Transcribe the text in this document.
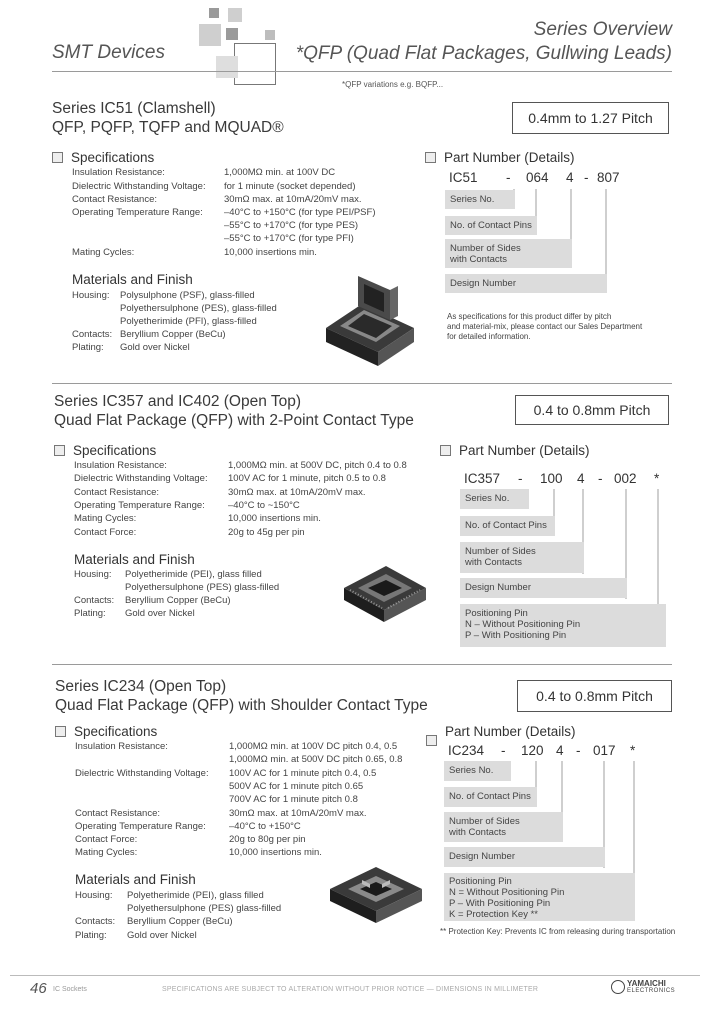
SMT Devices
Series Overview
*QFP (Quad Flat Packages, Gullwing Leads)
*QFP variations e.g. BQFP...
Series IC51 (Clamshell)
QFP, PQFP, TQFP and MQUAD®
0.4mm to 1.27 Pitch
Specifications
Insulation Resistance:
Dielectric Withstanding Voltage:
Contact Resistance:
Operating Temperature Range:
Mating Cycles:
1,000MΩ min. at 100V DC
for 1 minute (socket depended)
30mΩ max. at 10mA/20mV max.
–40°C to +150°C (for type PEI/PSF)
–55°C to +170°C (for type PES)
–55°C to +170°C (for type PFI)
10,000 insertions min.
Materials and Finish
Housing:
Contacts:
Plating:
Polysulphone (PSF), glass-filled
Polyethersulphone (PES), glass-filled
Polyetherimide (PFI), glass-filled
Beryllium Copper (BeCu)
Gold over Nickel
Part Number (Details)
IC51 - 064 4 - 807
Series No.
No. of Contact Pins
Number of Sides
with Contacts
Design Number
As specifications for this product differ by pitch
and material-mix, please contact our Sales Department
for detailed information.
Series IC357 and IC402 (Open Top)
Quad Flat Package (QFP) with 2-Point Contact Type
0.4 to 0.8mm Pitch
Specifications
Insulation Resistance:
Dielectric Withstanding Voltage:
Contact Resistance:
Operating Temperature Range:
Mating Cycles:
Contact Force:
1,000MΩ min. at 500V DC, pitch 0.4 to 0.8
100V AC for 1 minute, pitch 0.5 to 0.8
30mΩ max. at 10mA/20mV max.
–40°C to ~150°C
10,000 insertions min.
20g to 45g per pin
Materials and Finish
Housing:
Contacts:
Plating:
Polyetherimide (PEI), glass filled
Polyethersulphone (PES) glass-filled
Beryllium Copper (BeCu)
Gold over Nickel
Part Number (Details)
IC357 - 100 4 - 002 *
Series No.
No. of Contact Pins
Number of Sides
with Contacts
Design Number
Positioning Pin
N – Without Positioning Pin
P – With Positioning Pin
Series IC234 (Open Top)
Quad Flat Package (QFP) with Shoulder Contact Type
0.4 to 0.8mm Pitch
Specifications
Insulation Resistance:
Dielectric Withstanding Voltage:
Contact Resistance:
Operating Temperature Range:
Contact Force:
Mating Cycles:
1,000MΩ min. at 100V DC pitch 0.4, 0.5
1,000MΩ min. at 500V DC pitch 0.65, 0.8
100V AC for 1 minute pitch 0.4, 0.5
500V AC for 1 minute pitch 0.65
700V AC for 1 minute pitch 0.8
30mΩ max. at 10mA/20mV max.
–40°C to +150°C
20g to 80g per pin
10,000 insertions min.
Materials and Finish
Housing:
Contacts:
Plating:
Polyetherimide (PEI), glass filled
Polyethersulphone (PES) glass-filled
Beryllium Copper (BeCu)
Gold over Nickel
Part Number (Details)
IC234 - 120 4 - 017 *
Series No.
No. of Contact Pins
Number of Sides
with Contacts
Design Number
Positioning Pin
N = Without Positioning Pin
P – With Positioning Pin
K = Protection Key **
** Protection Key: Prevents IC from releasing during transportation
46 IC Sockets	SPECIFICATIONS ARE SUBJECT TO ALTERATION WITHOUT PRIOR NOTICE — DIMENSIONS IN MILLIMETER
YAMAICHI
ELECTRONICS
